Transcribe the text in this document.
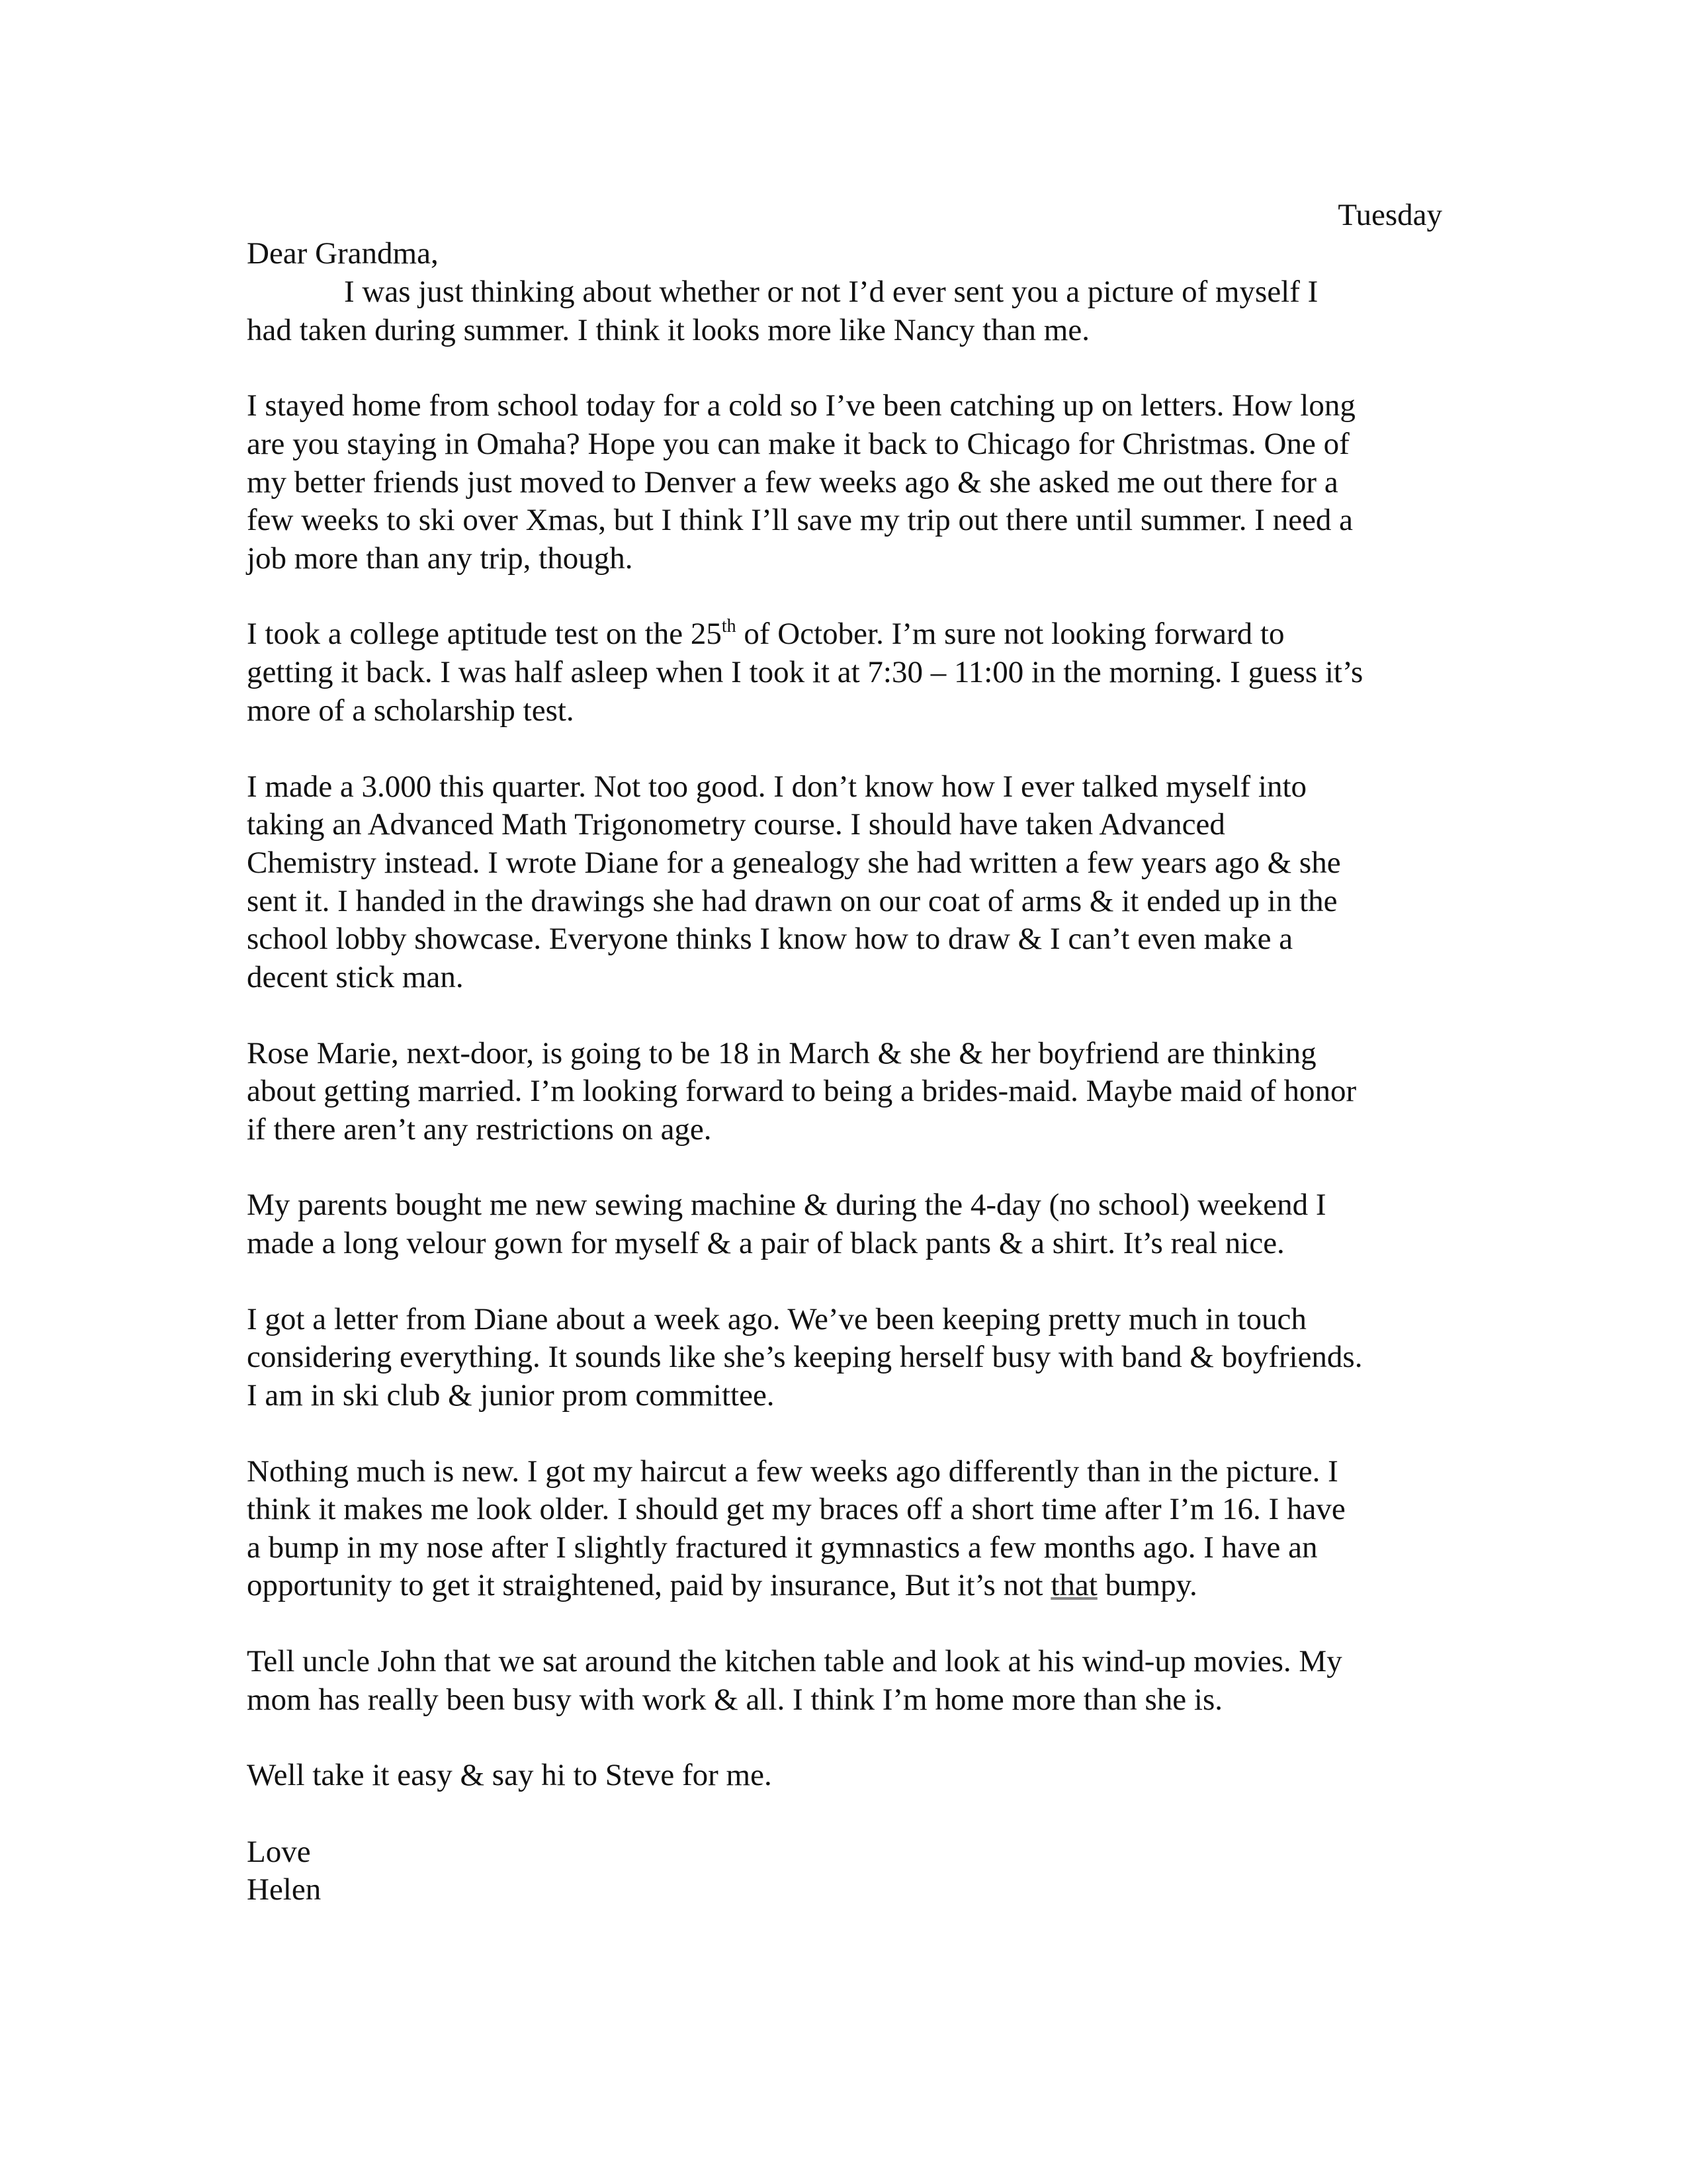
Tuesday
Dear Grandma,
I was just thinking about whether or not I’d ever sent you a picture of myself I
had taken during summer. I think it looks more like Nancy than me.
I stayed home from school today for a cold so I’ve been catching up on letters. How long
are you staying in Omaha? Hope you can make it back to Chicago for Christmas. One of
my better friends just moved to Denver a few weeks ago & she asked me out there for a
few weeks to ski over Xmas, but I think I’ll save my trip out there until summer. I need a
job more than any trip, though.
I took a college aptitude test on the 25th of October. I’m sure not looking forward to
getting it back. I was half asleep when I took it at 7:30 – 11:00 in the morning. I guess it’s
more of a scholarship test.
I made a 3.000 this quarter. Not too good. I don’t know how I ever talked myself into
taking an Advanced Math Trigonometry course. I should have taken Advanced
Chemistry instead. I wrote Diane for a genealogy she had written a few years ago & she
sent it. I handed in the drawings she had drawn on our coat of arms & it ended up in the
school lobby showcase. Everyone thinks I know how to draw & I can’t even make a
decent stick man.
Rose Marie, next-door, is going to be 18 in March & she & her boyfriend are thinking
about getting married. I’m looking forward to being a brides-maid. Maybe maid of honor
if there aren’t any restrictions on age.
My parents bought me new sewing machine & during the 4-day (no school) weekend I
made a long velour gown for myself & a pair of black pants & a shirt. It’s real nice.
I got a letter from Diane about a week ago. We’ve been keeping pretty much in touch
considering everything. It sounds like she’s keeping herself busy with band & boyfriends.
I am in ski club & junior prom committee.
Nothing much is new. I got my haircut a few weeks ago differently than in the picture. I
think it makes me look older. I should get my braces off a short time after I’m 16. I have
a bump in my nose after I slightly fractured it gymnastics a few months ago. I have an
opportunity to get it straightened, paid by insurance, But it’s not that bumpy.
Tell uncle John that we sat around the kitchen table and look at his wind-up movies. My
mom has really been busy with work & all. I think I’m home more than she is.
Well take it easy & say hi to Steve for me.
Love
Helen
